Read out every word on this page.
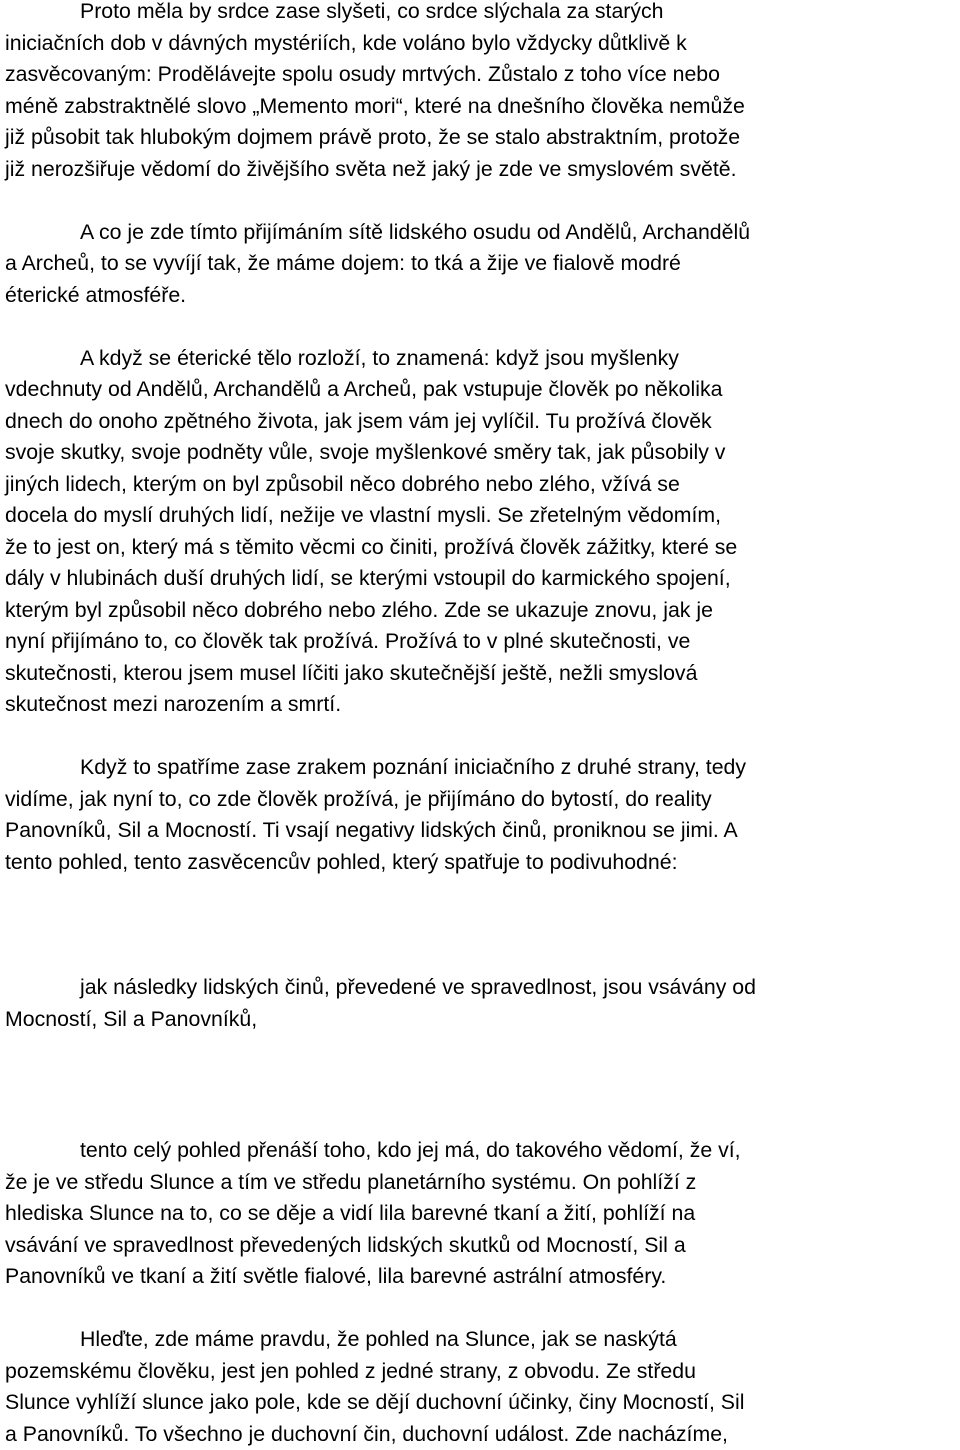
Proto měla by srdce zase slyšeti, co srdce slýchala za starých
iniciačních dob v dávných mystériích, kde voláno bylo vždycky důtklivě k
zasvěcovaným: Prodělávejte spolu osudy mrtvých. Zůstalo z toho více nebo
méně zabstraktnělé slovo „Memento mori“, které na dnešního člověka nemůže
již působit tak hlubokým dojmem právě proto, že se stalo abstraktním, protože
již nerozšiřuje vědomí do živějšího světa než jaký je zde ve smyslovém světě.

A co je zde tímto přijímáním sítě lidského osudu od Andělů, Archandělů
a Archeů, to se vyvíjí tak, že máme dojem: to tká a žije ve fialově modré
éterické atmosféře.

A když se éterické tělo rozloží, to znamená: když jsou myšlenky
vdechnuty od Andělů, Archandělů a Archeů, pak vstupuje člověk po několika
dnech do onoho zpětného života, jak jsem vám jej vylíčil. Tu prožívá člověk
svoje skutky, svoje podněty vůle, svoje myšlenkové směry tak, jak působily v
jiných lidech, kterým on byl způsobil něco dobrého nebo zlého, vžívá se
docela do myslí druhých lidí, nežije ve vlastní mysli. Se zřetelným vědomím,
že to jest on, který má s těmito věcmi co činiti, prožívá člověk zážitky, které se
dály v hlubinách duší druhých lidí, se kterými vstoupil do karmického spojení,
kterým byl způsobil něco dobrého nebo zlého. Zde se ukazuje znovu, jak je
nyní přijímáno to, co člověk tak prožívá. Prožívá to v plné skutečnosti, ve
skutečnosti, kterou jsem musel líčiti jako skutečnější ještě, nežli smyslová
skutečnost mezi narozením a smrtí.

Když to spatříme zase zrakem poznání iniciačního z druhé strany, tedy
vidíme, jak nyní to, co zde člověk prožívá, je přijímáno do bytostí, do reality
Panovníků, Sil a Mocností. Ti vsají negativy lidských činů, proniknou se jimi. A
tento pohled, tento zasvěcencův pohled, který spatřuje to podivuhodné:

jak následky lidských činů, převedené ve spravedlnost, jsou vsávány od
Mocností, Sil a Panovníků,

tento celý pohled přenáší toho, kdo jej má, do takového vědomí, že ví,
že je ve středu Slunce a tím ve středu planetárního systému. On pohlíží z
hlediska Slunce na to, co se děje a vidí lila barevné tkaní a žití, pohlíží na
vsávání ve spravedlnost převedených lidských skutků od Mocností, Sil a
Panovníků ve tkaní a žití světle fialové, lila barevné astrální atmosféry.

Hleďte, zde máme pravdu, že pohled na Slunce, jak se naskýtá
pozemskému člověku, jest jen pohled z jedné strany, z obvodu. Ze středu
Slunce vyhlíží slunce jako pole, kde se dějí duchovní účinky, činy Mocností, Sil
a Panovníků. To všechno je duchovní čin, duchovní událost. Zde nacházíme,
